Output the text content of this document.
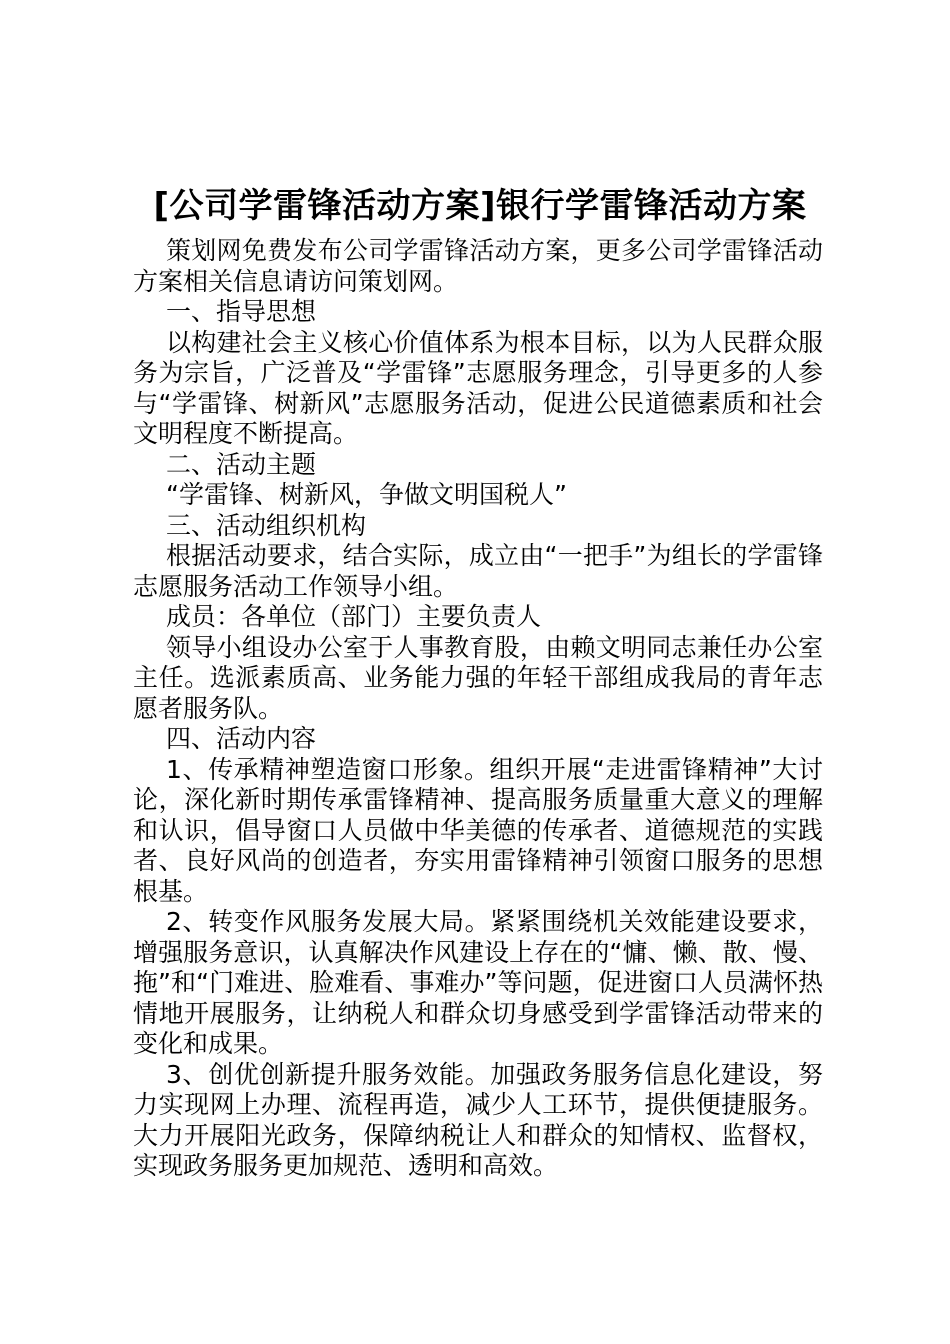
[公司学雷锋活动方案]银行学雷锋活动方案

策划网免费发布公司学雷锋活动方案，更多公司学雷锋活动方案相关信息请访问策划网。

一、指导思想

以构建社会主义核心价值体系为根本目标，以为人民群众服务为宗旨，广泛普及“学雷锋”志愿服务理念，引导更多的人参与“学雷锋、树新风”志愿服务活动，促进公民道德素质和社会文明程度不断提高。

二、活动主题

“学雷锋、树新风，争做文明国税人”

三、活动组织机构

根据活动要求，结合实际，成立由“一把手”为组长的学雷锋志愿服务活动工作领导小组。

成员：各单位（部门）主要负责人

领导小组设办公室于人事教育股，由赖文明同志兼任办公室主任。选派素质高、业务能力强的年轻干部组成我局的青年志愿者服务队。

四、活动内容

1、传承精神塑造窗口形象。组织开展“走进雷锋精神”大讨论，深化新时期传承雷锋精神、提高服务质量重大意义的理解和认识，倡导窗口人员做中华美德的传承者、道德规范的实践者、良好风尚的创造者，夯实用雷锋精神引领窗口服务的思想根基。

2、转变作风服务发展大局。紧紧围绕机关效能建设要求，增强服务意识，认真解决作风建设上存在的“慵、懒、散、慢、拖”和“门难进、脸难看、事难办”等问题，促进窗口人员满怀热情地开展服务，让纳税人和群众切身感受到学雷锋活动带来的变化和成果。

3、创优创新提升服务效能。加强政务服务信息化建设，努力实现网上办理、流程再造，减少人工环节，提供便捷服务。大力开展阳光政务，保障纳税让人和群众的知情权、监督权，实现政务服务更加规范、透明和高效。
